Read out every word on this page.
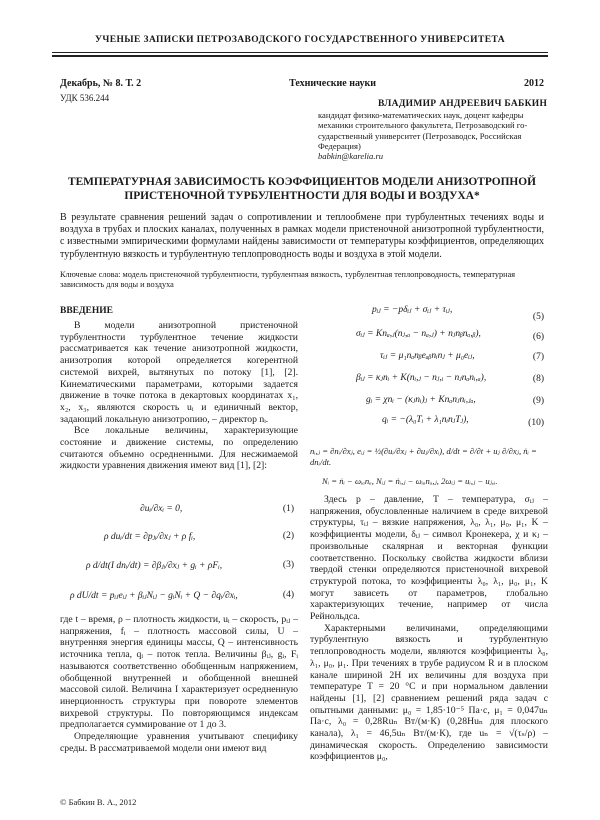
УЧЕНЫЕ ЗАПИСКИ ПЕТРОЗАВОДСКОГО ГОСУДАРСТВЕННОГО УНИВЕРСИТЕТА
Декабрь, № 8. Т. 2	Технические науки	2012
УДК 536.244
ВЛАДИМИР АНДРЕЕВИЧ БАБКИН
кандидат физико-математических наук, доцент кафедры
механики строительного факультета, Петрозаводский го-
сударственный университет (Петрозаводск, Российская
Федерация)
babkin@karelia.ru
ТЕМПЕРАТУРНАЯ ЗАВИСИМОСТЬ КОЭФФИЦИЕНТОВ МОДЕЛИ АНИЗОТРОПНОЙ
ПРИСТЕНОЧНОЙ ТУРБУЛЕНТНОСТИ ДЛЯ ВОДЫ И ВОЗДУХА*
В результате сравнения решений задач о сопротивлении и теплообмене при турбулентных течениях воды и воздуха в трубах и плоских каналах, полученных в рамках модели пристеночной анизотропной турбулентности, с известными эмпирическими формулами найдены зависимости от температуры коэффициентов, определяющих турбулентную вязкость и турбулентную теплопроводность воды и воздуха в этой модели.
Ключевые слова: модель пристеночной турбулентности, турбулентная вязкость, турбулентная теплопроводность, температурная зависимость для воды и воздуха
ВВЕДЕНИЕ

В модели анизотропной пристеночной турбулентности турбулентное течение жидкости рассматривается как течение анизотропной жидкости, анизотропия которой определяется когерентной системой вихрей, вытянутых по потоку [1], [2]. Кинематическими параметрами, которыми задается движение в точке потока в декартовых координатах x₁, x₂, x₃, являются скорость uᵢ и единичный вектор, задающий локальную анизотропию, – директор nᵢ.

Все локальные величины, характеризующие состояние и движение системы, по определению считаются объемно осредненными. Для несжимаемой жидкости уравнения движения имеют вид [1], [2]:

∂uᵢ/∂xᵢ = 0,	(1)
ρ duᵢ/dt = ∂pⱼᵢ/∂xⱼ + ρ fᵢ,	(2)
ρ d/dt(I dnᵢ/dt) = ∂βⱼᵢ/∂xⱼ + gᵢ + ρFᵢ,	(3)
ρ dU/dt = pᵢⱼeᵢⱼ + βᵢⱼNᵢⱼ − gᵢNᵢ + Q − ∂qᵢ/∂xᵢ,	(4)

где t – время, ρ – плотность жидкости, uᵢ – скорость, pᵢⱼ – напряжения, fᵢ – плотность массовой силы, U – внутренняя энергия единицы массы, Q – интенсивность источника тепла, qᵢ – поток тепла. Величины βᵢⱼ, gᵢ, Fᵢ называются соответственно обобщенным напряжением, обобщенной внутренней и обобщенной внешней массовой силой. Величина I характеризует осредненную инерционность структуры при повороте элементов вихревой структуры. По повторяющимся индексам предполагается суммирование от 1 до 3.

Определяющие уравнения учитывают специфику среды. В рассматриваемой модели они имеют вид

pᵢⱼ = −pδᵢⱼ + σᵢⱼ + τᵢⱼ,
(5)
σᵢⱼ = Knₐ,ⱼ(nⱼ,ₐ − nₐ,ⱼ) + nⱼnᵦnₐ,ᵦ),	(6)
τᵢⱼ = μ₁nₐnᵦeₐᵦnᵢnⱼ + μ₀eᵢⱼ,	(7)
βᵢⱼ = κⱼnᵢ + K(nᵢ,ⱼ − nⱼ,ᵢ − nⱼnₐnᵢ,ₐ),	(8)
gᵢ = χnᵢ − (κⱼnᵢ)ⱼ + Knₐnⱼnᵢ,ⱼₐ,	(9)
qᵢ = −(λ₀Tᵢ + λ₁nᵢnⱼTⱼ),	(10)
nᵢ,ⱼ = ∂nᵢ/∂xⱼ, eᵢⱼ = ½(∂uᵢ/∂xⱼ + ∂uⱼ/∂xᵢ), d/dt = ∂/∂t + uⱼ ∂/∂xⱼ, ṅᵢ = dnᵢ/dt.
Nᵢ = ṅᵢ − ωᵢₐnₐ, Nᵢⱼ = ṅᵢ,ⱼ − ωᵢₐnₐ,ⱼ, 2ωᵢⱼ = uᵢ,ⱼ − uⱼ,ᵢ.

Здесь p – давление, T – температура, σᵢⱼ – напряжения, обусловленные наличием в среде вихревой структуры, τᵢⱼ – вязкие напряжения, λ₀, λ₁, μ₀, μ₁, K – коэффициенты модели, δᵢⱼ – символ Кронекера, χ и κⱼ – произвольные скалярная и векторная функции соответственно. Поскольку свойства жидкости вблизи твердой стенки определяются пристеночной вихревой структурой потока, то коэффициенты λ₀, λ₁, μ₀, μ₁, K могут зависеть от параметров, глобально характеризующих течение, например от числа Рейнольдса.

Характерными величинами, определяющими турбулентную вязкость и турбулентную теплопроводность модели, являются коэффициенты λ₀, λ₁, μ₀, μ₁. При течениях в трубе радиусом R и в плоском канале шириной 2H их величины для воздуха при температуре T = 20 °C и при нормальном давлении найдены [1], [2] сравнением решений ряда задач с опытными данными: μ₀ = 1,85·10⁻⁵ Па·с, μ₁ = 0,047uₙ Па·с, λ₀ = 0,28Ruₙ Вт/(м·К) (0,28Huₙ для плоского канала), λ₁ = 46,5uₙ Вт/(м·К), где uₙ = √(τₛ/ρ) – динамическая скорость. Определению зависимости коэффициентов μ₀,

© Бабкин В. А., 2012
